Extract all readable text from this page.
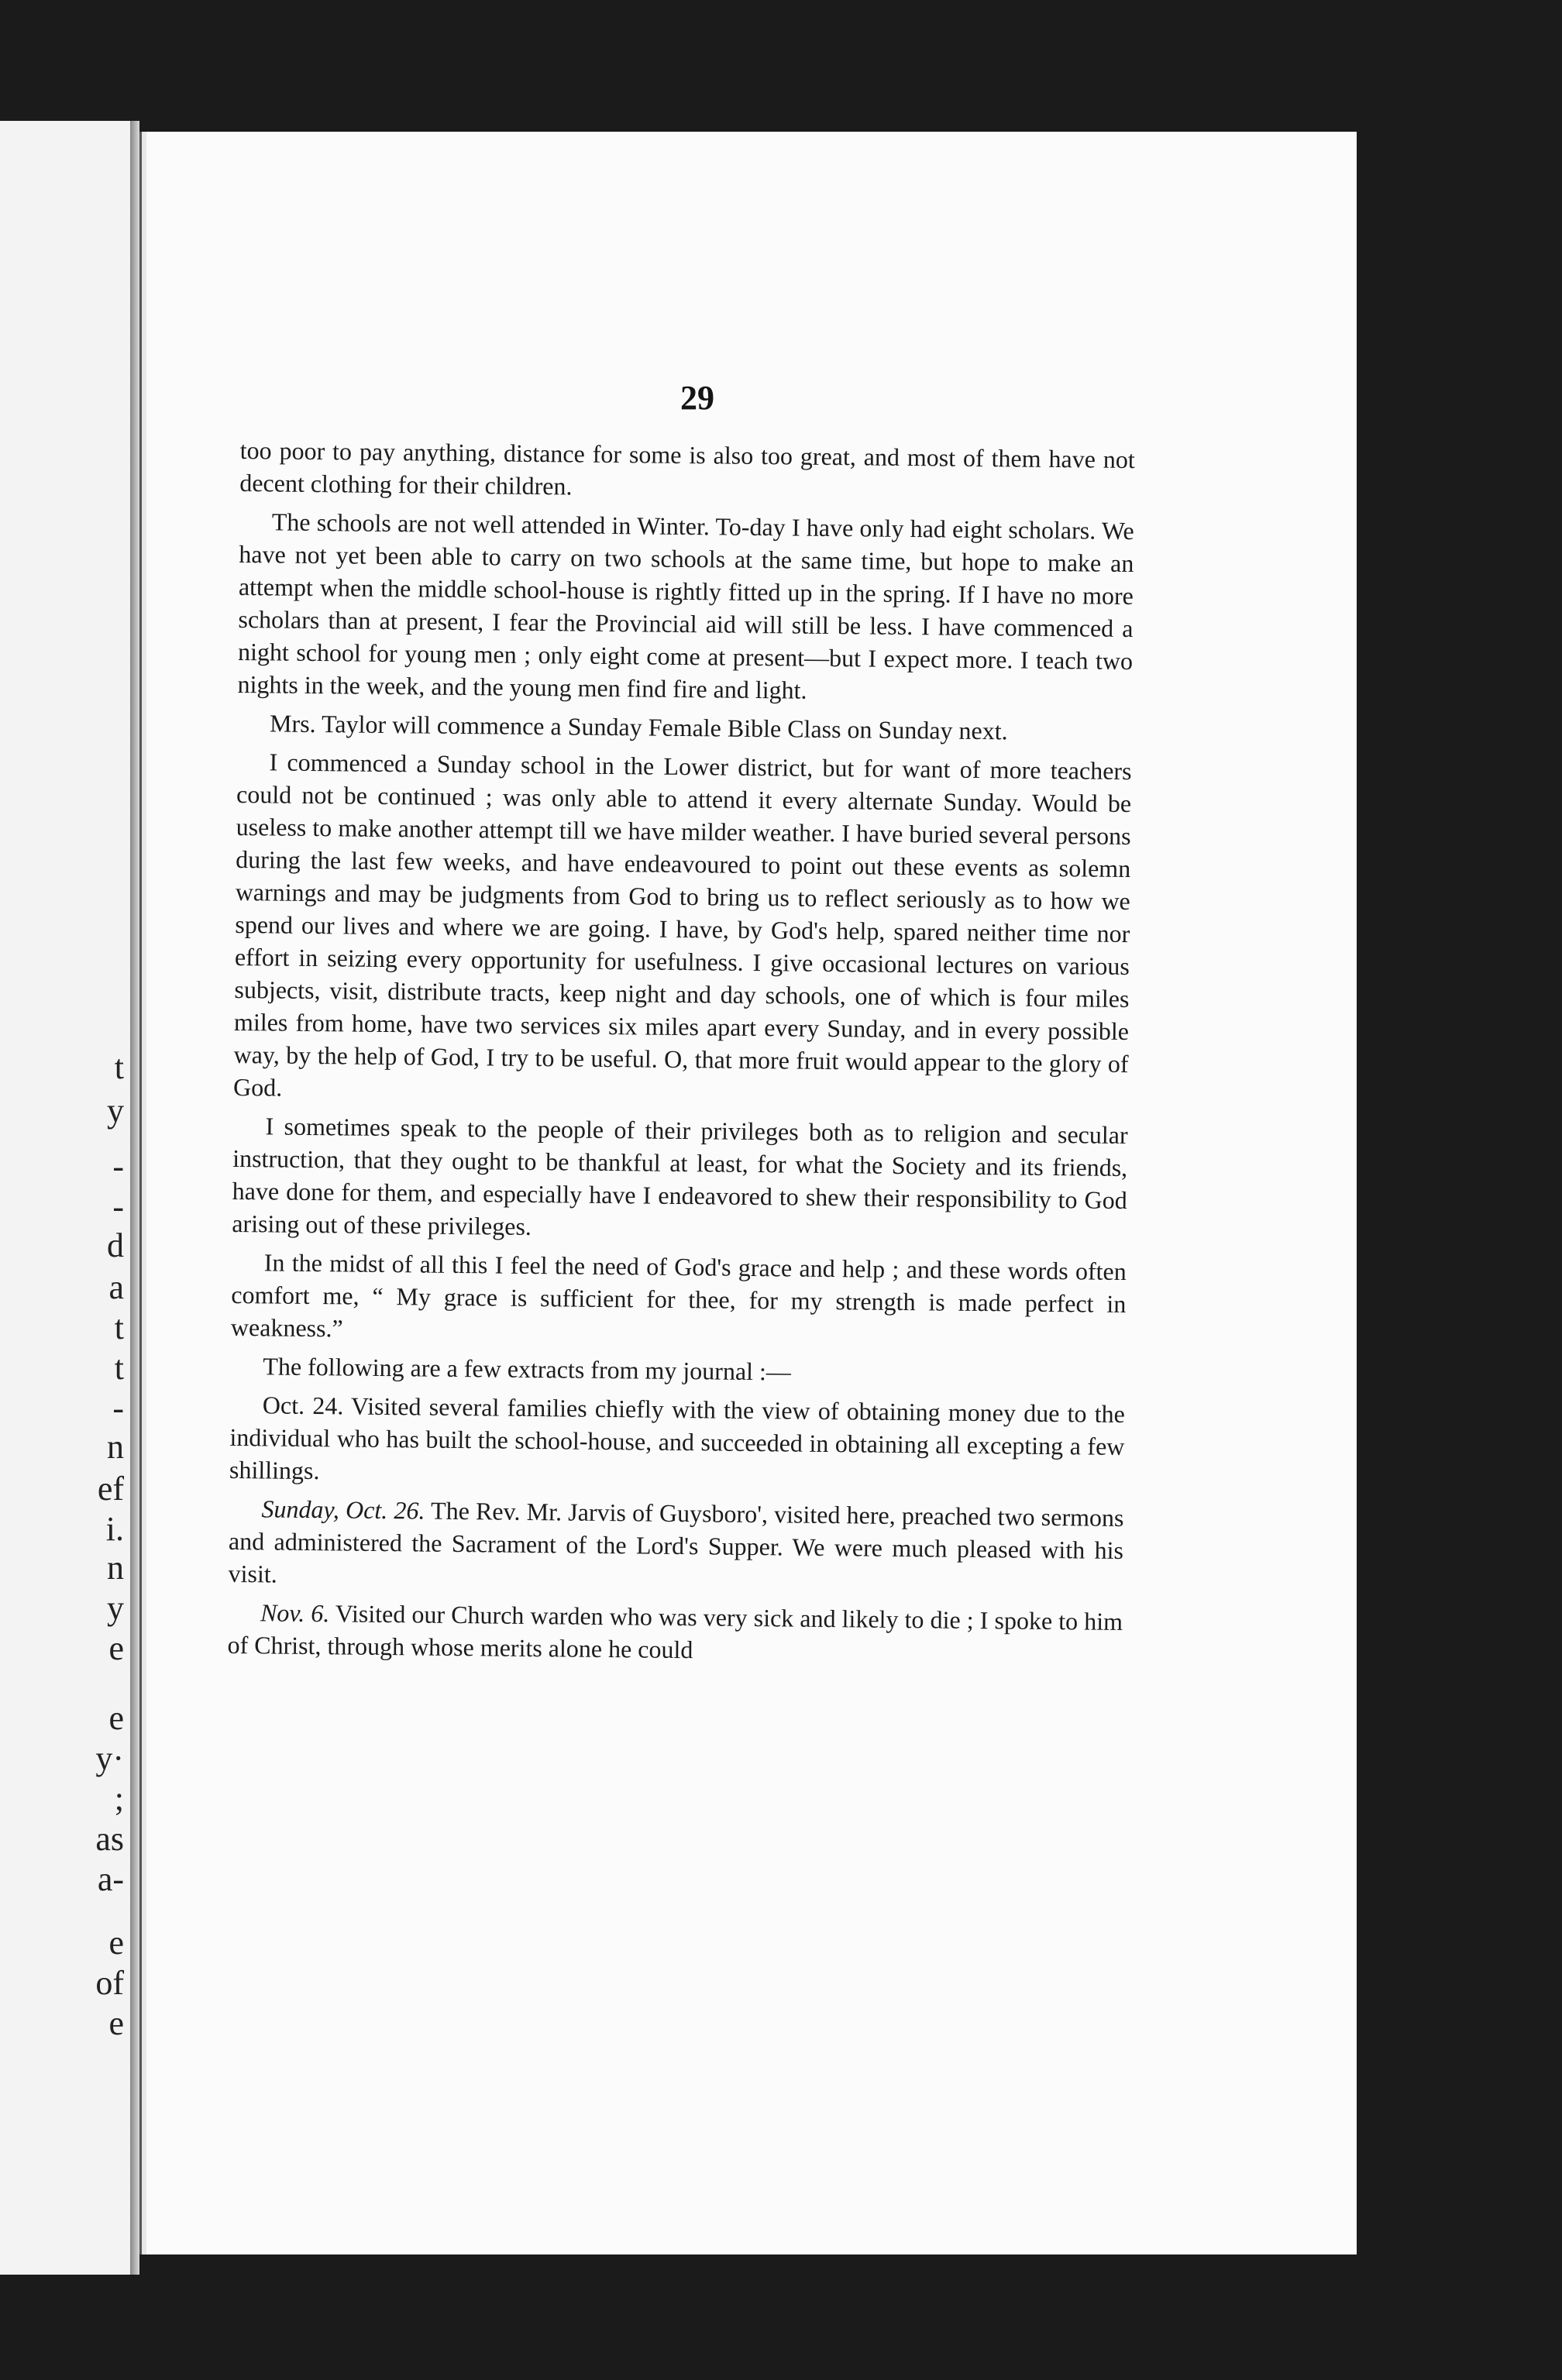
t
y
-
-
d
a
t
t
-
n
ef
i.
n
y
e
e
y·
;
as
a-
e
of
e
29

too poor to pay anything, distance for some is also too great, and most of them have not decent clothing for their children.

The schools are not well attended in Winter. To-day I have only had eight scholars. We have not yet been able to carry on two schools at the same time, but hope to make an attempt when the middle school-house is rightly fitted up in the spring. If I have no more scholars than at present, I fear the Provincial aid will still be less. I have commenced a night school for young men ; only eight come at present—but I expect more. I teach two nights in the week, and the young men find fire and light.

Mrs. Taylor will commence a Sunday Female Bible Class on Sunday next.

I commenced a Sunday school in the Lower district, but for want of more teachers could not be continued ; was only able to attend it every alternate Sunday. Would be useless to make another attempt till we have milder weather. I have buried several persons during the last few weeks, and have endeavoured to point out these events as solemn warnings and may be judgments from God to bring us to reflect seriously as to how we spend our lives and where we are going. I have, by God's help, spared neither time nor effort in seizing every opportunity for usefulness. I give occasional lectures on various subjects, visit, distribute tracts, keep night and day schools, one of which is four miles miles from home, have two services six miles apart every Sunday, and in every possible way, by the help of God, I try to be useful. O, that more fruit would appear to the glory of God.

I sometimes speak to the people of their privileges both as to religion and secular instruction, that they ought to be thankful at least, for what the Society and its friends, have done for them, and especially have I endeavored to shew their responsibility to God arising out of these privileges.

In the midst of all this I feel the need of God's grace and help ; and these words often comfort me, “ My grace is sufficient for thee, for my strength is made perfect in weakness.”

The following are a few extracts from my journal :—

Oct. 24. Visited several families chiefly with the view of obtaining money due to the individual who has built the school-house, and succeeded in obtaining all excepting a few shillings.

Sunday, Oct. 26. The Rev. Mr. Jarvis of Guysboro', visited here, preached two sermons and administered the Sacrament of the Lord's Supper. We were much pleased with his visit.

Nov. 6. Visited our Church warden who was very sick and likely to die ; I spoke to him of Christ, through whose merits alone he could
